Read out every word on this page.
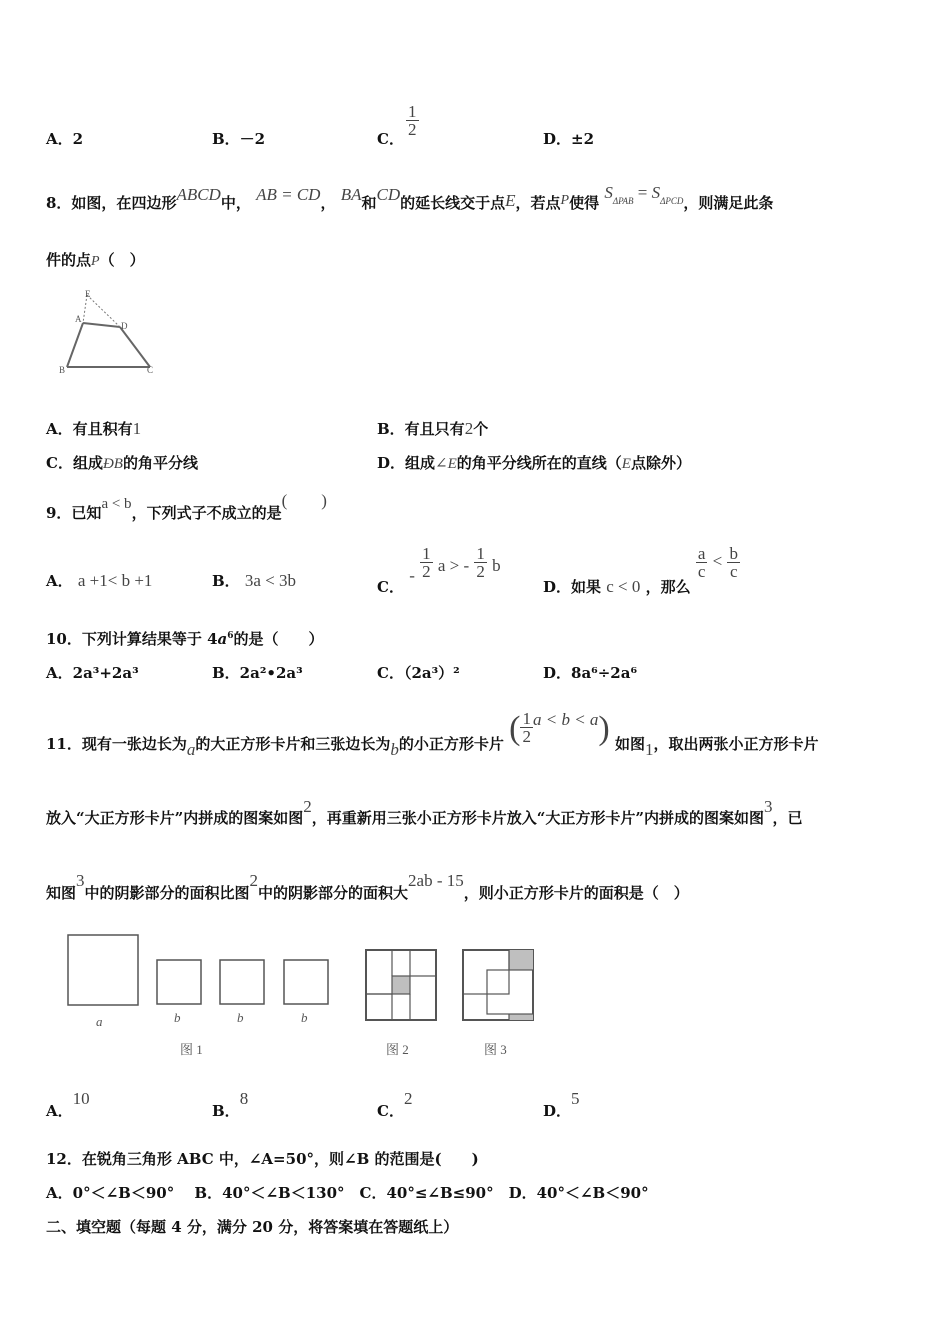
A．2	B．－2	C．
$\frac{1}{2}$
D．±2
8．如图，在四边形ABCD中， AB = CD， BA和CD的延长线交于点E，若点P使得 $S_{\Delta PAB} = S_{\Delta PCD}$，则满足此条
件的点P（　）
E
A
D
B	C
A．有且积有1	B．有且只有2个
C．组成ÐB的角平分线	D．组成∠E的角平分线所在的直线（E点除外）
9．已知a < b，下列式子不成立的是(　　)
A． a +1< b +1	B． 3a < 3b	C． - $\frac{1}{2}$ a > - $\frac{1}{2}$ b
D．如果 c < 0 ，那么
$\frac{a}{c} < \frac{b}{c}$
10．下列计算结果等于 $4a^6$的是（　　）
A．2a³+2a³	B．2a²•2a³	C．（2a³）²	D．8a⁶÷2a⁶
11．现有一张边长为a的大正方形卡片和三张边长为b的小正方形卡片 ( $\frac{1}{2}$ a < b < a) 如图1，取出两张小正方形卡片
放入“大正方形卡片”内拼成的图案如图2，再重新用三张小正方形卡片放入“大正方形卡片”内拼成的图案如图3，已
知图3中的阴影部分的面积比图2中的阴影部分的面积大2ab - 15，则小正方形卡片的面积是（　）
a	b	b	b
图 1	图 2	图 3
A．10
B．8
C．2
D．5
12．在锐角三角形 ABC 中，∠A=50°，则∠B 的范围是(　　)
A．0°＜∠B＜90°　 B．40°＜∠B＜130°　C．40°≤∠B≤90°　D．40°＜∠B＜90°
二、填空题（每题 4 分，满分 20 分，将答案填在答题纸上）
